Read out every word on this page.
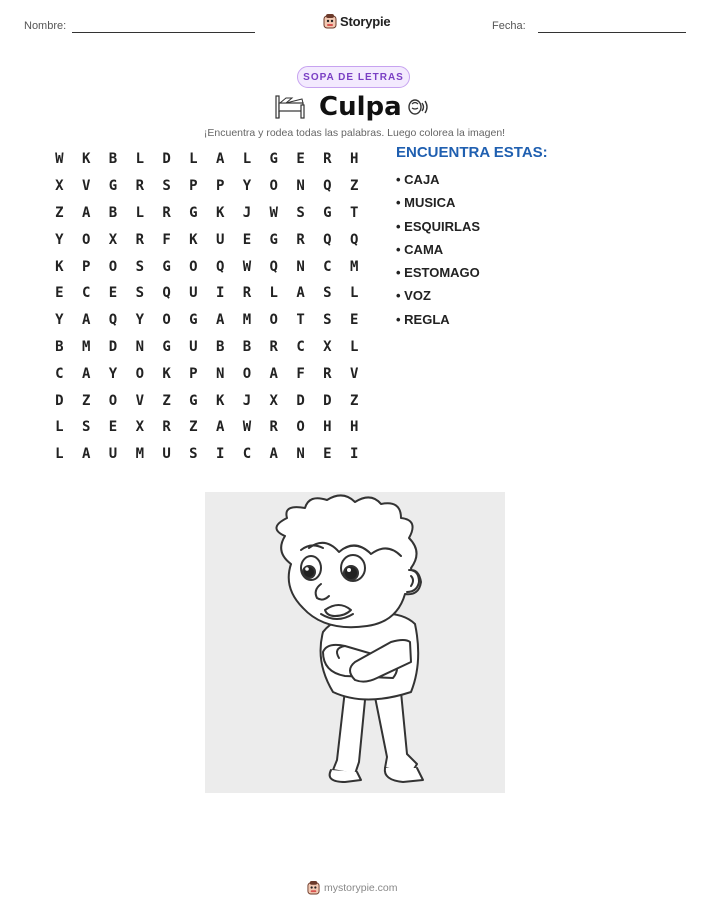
Nombre:	Storypie	Fecha:
SOPA DE LETRAS
Culpa
¡Encuentra y rodea todas las palabras. Luego colorea la imagen!
W	K	B	L	D	L	A	L	G	E	R	H
X	V	G	R	S	P	P	Y	O	N	Q	Z
Z	A	B	L	R	G	K	J	W	S	G	T
Y	O	X	R	F	K	U	E	G	R	Q	Q
K	P	O	S	G	O	Q	W	Q	N	C	M
E	C	E	S	Q	U	I	R	L	A	S	L
Y	A	Q	Y	O	G	A	M	O	T	S	E
B	M	D	N	G	U	B	B	R	C	X	L
C	A	Y	O	K	P	N	O	A	F	R	V
D	Z	O	V	Z	G	K	J	X	D	D	Z
L	S	E	X	R	Z	A	W	R	O	H	H
L	A	U	M	U	S	I	C	A	N	E	I
ENCUENTRA ESTAS:
• CAJA
• MUSICA
• ESQUIRLAS
• CAMA
• ESTOMAGO
• VOZ
• REGLA
mystorypie.com
